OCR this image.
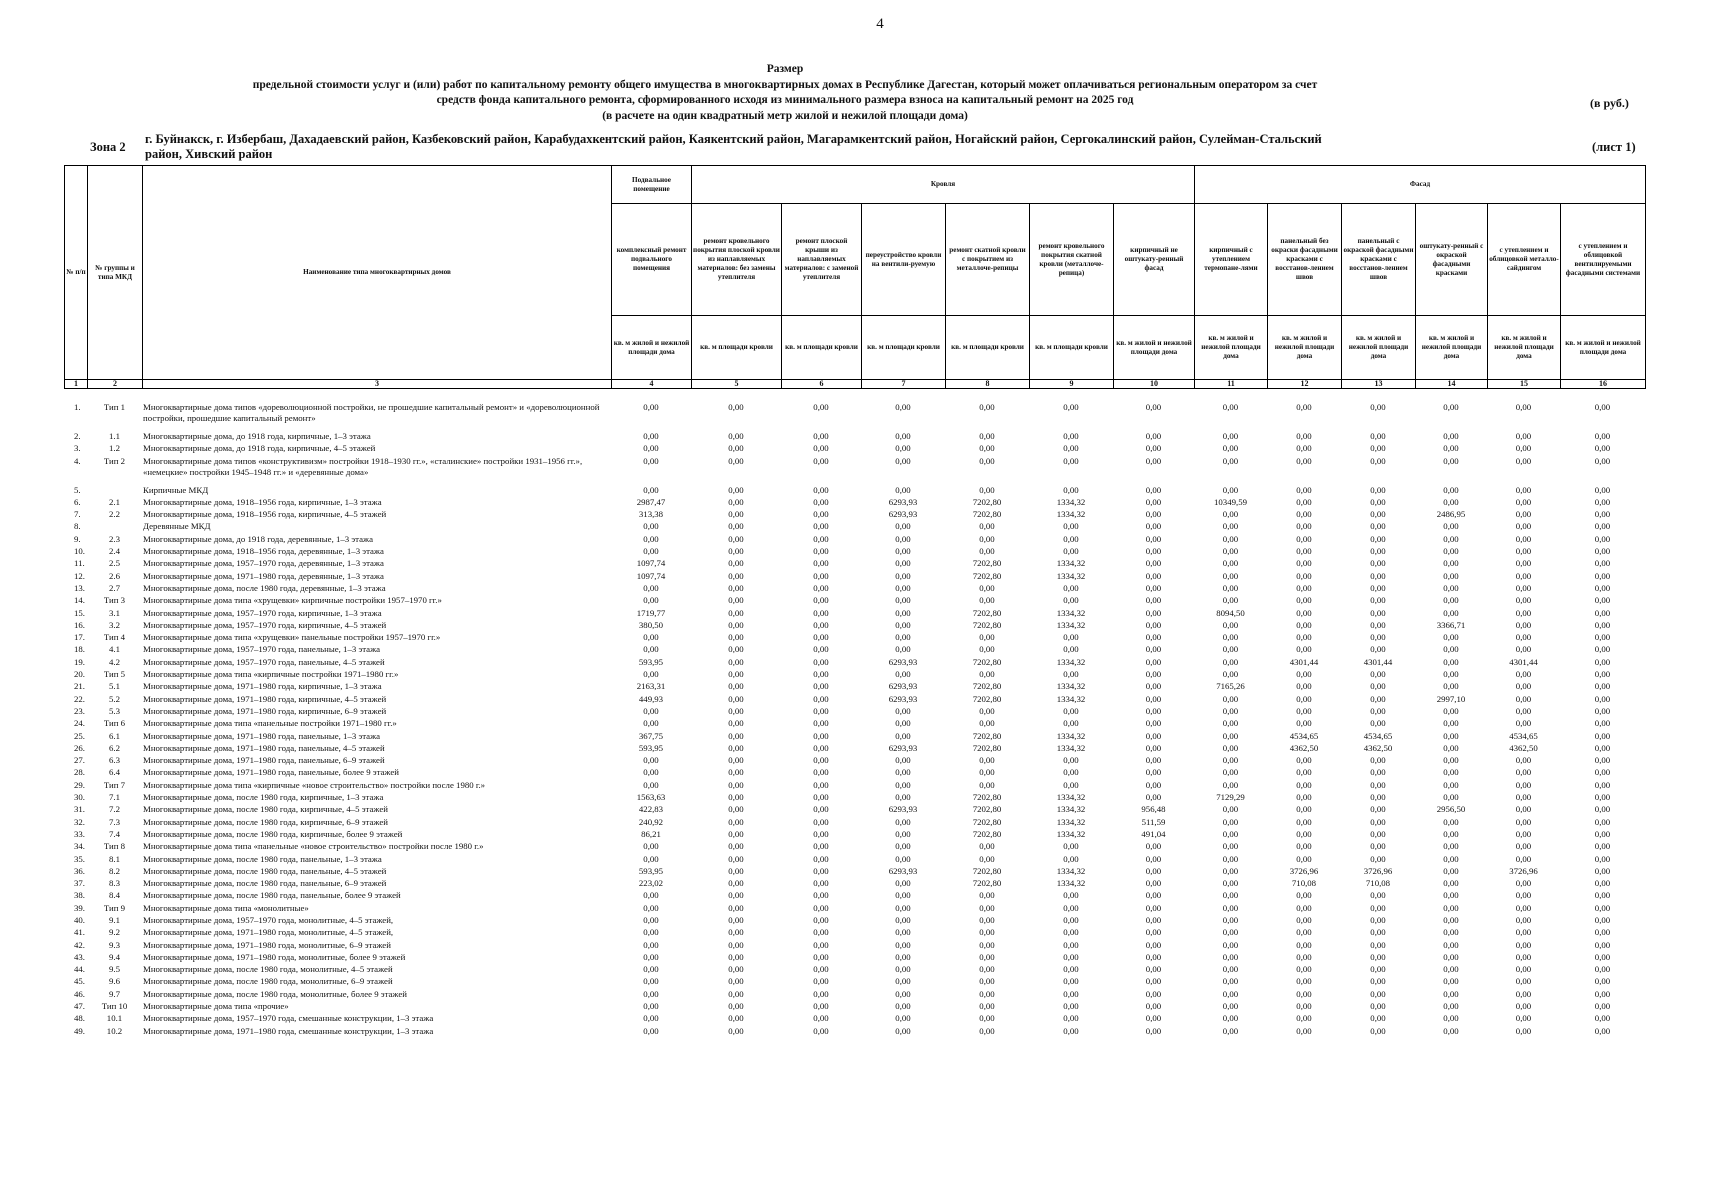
4
Размер
предельной стоимости услуг и (или) работ по капитальному ремонту общего имущества в многоквартирных домах в Республике Дагестан, который может оплачиваться региональным оператором за счет
средств фонда капитального ремонта, сформированного исходя из минимального размера взноса на капитальный ремонт на 2025 год
(в расчете на один квадратный метр жилой и нежилой площади дома)
(в руб.)
Зона 2
г. Буйнакск, г. Избербаш, Дахадаевский район, Казбековский район, Карабудахкентский район, Каякентский район, Магарамкентский район, Ногайский район, Сергокалинский район, Сулейман-Стальский район, Хивский район	(лист 1)
№ п/п	№ группы и типа МКД	Наименование типа многоквартирных домов	Подвальное помещение	Кровля						Фасад					
			комплексный ремонт подвального помещения	ремонт кровельного покрытия плоской кровли из наплавляемых материалов: без замены утеплителя	ремонт плоской крыши из наплавляемых материалов: с заменой утеплителя	переустройство кровли на вентили-руемую	ремонт скатной кровли с покрытием из металлоче-репицы	ремонт кровельного покрытия скатной кровли (металлоче-репица)	кирпичный не оштукату-ренный фасад	кирпичный с утеплением термопане-лями	панельный без окраски фасадными красками с восстанов-лением швов	панельный с окраской фасадными красками с восстанов-лением швов	оштукату-ренный с окраской фасадными красками	с утеплением и облицовкой металло-сайдингом	с утеплением и облицовкой вентилируемыми фасадными системами
			кв. м жилой и нежилой площади дома	кв. м площади кровли	кв. м площади кровли	кв. м площади кровли	кв. м площади кровли	кв. м площади кровли	кв. м жилой и нежилой площади дома	кв. м жилой и нежилой площади дома	кв. м жилой и нежилой площади дома	кв. м жилой и нежилой площади дома	кв. м жилой и нежилой площади дома	кв. м жилой и нежилой площади дома	кв. м жилой и нежилой площади дома
1	2	3	4	5	6	7	8	9	10	11	12	13	14	15	16
1.	Тип 1	Многоквартирные дома типов «дореволюционной постройки, не прошедшие капитальный ремонт» и «дореволюционной постройки, прошедшие капитальный ремонт»	0,00	0,00	0,00	0,00	0,00	0,00	0,00	0,00	0,00	0,00	0,00	0,00	0,00
2.	1.1	Многоквартирные дома, до 1918 года, кирпичные, 1–3 этажа	0,00	0,00	0,00	0,00	0,00	0,00	0,00	0,00	0,00	0,00	0,00	0,00	0,00
3.	1.2	Многоквартирные дома, до 1918 года, кирпичные, 4–5 этажей	0,00	0,00	0,00	0,00	0,00	0,00	0,00	0,00	0,00	0,00	0,00	0,00	0,00
4.	Тип 2	Многоквартирные дома типов «конструктивизм» постройки 1918–1930 гг.», «сталинские» постройки 1931–1956 гг.», «немецкие» постройки 1945–1948 гг.» и «деревянные дома»	0,00	0,00	0,00	0,00	0,00	0,00	0,00	0,00	0,00	0,00	0,00	0,00	0,00
5.		Кирпичные МКД	0,00	0,00	0,00	0,00	0,00	0,00	0,00	0,00	0,00	0,00	0,00	0,00	0,00
6.	2.1	Многоквартирные дома, 1918–1956 года, кирпичные, 1–3 этажа	2987,47	0,00	0,00	6293,93	7202,80	1334,32	0,00	10349,59	0,00	0,00	0,00	0,00	0,00
7.	2.2	Многоквартирные дома, 1918–1956 года, кирпичные, 4–5 этажей	313,38	0,00	0,00	6293,93	7202,80	1334,32	0,00	0,00	0,00	0,00	2486,95	0,00	0,00
8.		Деревянные МКД	0,00	0,00	0,00	0,00	0,00	0,00	0,00	0,00	0,00	0,00	0,00	0,00	0,00
9.	2.3	Многоквартирные дома, до 1918 года, деревянные, 1–3 этажа	0,00	0,00	0,00	0,00	0,00	0,00	0,00	0,00	0,00	0,00	0,00	0,00	0,00
10.	2.4	Многоквартирные дома, 1918–1956 года, деревянные, 1–3 этажа	0,00	0,00	0,00	0,00	0,00	0,00	0,00	0,00	0,00	0,00	0,00	0,00	0,00
11.	2.5	Многоквартирные дома, 1957–1970 года, деревянные, 1–3 этажа	1097,74	0,00	0,00	0,00	7202,80	1334,32	0,00	0,00	0,00	0,00	0,00	0,00	0,00
12.	2.6	Многоквартирные дома, 1971–1980 года, деревянные, 1–3 этажа	1097,74	0,00	0,00	0,00	7202,80	1334,32	0,00	0,00	0,00	0,00	0,00	0,00	0,00
13.	2.7	Многоквартирные дома, после 1980 года, деревянные, 1–3 этажа	0,00	0,00	0,00	0,00	0,00	0,00	0,00	0,00	0,00	0,00	0,00	0,00	0,00
14.	Тип 3	Многоквартирные дома типа «хрущевки» кирпичные постройки 1957–1970 гг.»	0,00	0,00	0,00	0,00	0,00	0,00	0,00	0,00	0,00	0,00	0,00	0,00	0,00
15.	3.1	Многоквартирные дома, 1957–1970 года, кирпичные, 1–3 этажа	1719,77	0,00	0,00	0,00	7202,80	1334,32	0,00	8094,50	0,00	0,00	0,00	0,00	0,00
16.	3.2	Многоквартирные дома, 1957–1970 года, кирпичные, 4–5 этажей	380,50	0,00	0,00	0,00	7202,80	1334,32	0,00	0,00	0,00	0,00	3366,71	0,00	0,00
17.	Тип 4	Многоквартирные дома типа «хрущевки» панельные постройки 1957–1970 гг.»	0,00	0,00	0,00	0,00	0,00	0,00	0,00	0,00	0,00	0,00	0,00	0,00	0,00
18.	4.1	Многоквартирные дома, 1957–1970 года, панельные, 1–3 этажа	0,00	0,00	0,00	0,00	0,00	0,00	0,00	0,00	0,00	0,00	0,00	0,00	0,00
19.	4.2	Многоквартирные дома, 1957–1970 года, панельные, 4–5 этажей	593,95	0,00	0,00	6293,93	7202,80	1334,32	0,00	0,00	4301,44	4301,44	0,00	4301,44	0,00
20.	Тип 5	Многоквартирные дома типа «кирпичные постройки 1971–1980 гг.»	0,00	0,00	0,00	0,00	0,00	0,00	0,00	0,00	0,00	0,00	0,00	0,00	0,00
21.	5.1	Многоквартирные дома, 1971–1980 года, кирпичные, 1–3 этажа	2163,31	0,00	0,00	6293,93	7202,80	1334,32	0,00	7165,26	0,00	0,00	0,00	0,00	0,00
22.	5.2	Многоквартирные дома, 1971–1980 года, кирпичные, 4–5 этажей	449,93	0,00	0,00	6293,93	7202,80	1334,32	0,00	0,00	0,00	0,00	2997,10	0,00	0,00
23.	5.3	Многоквартирные дома, 1971–1980 года, кирпичные, 6–9 этажей	0,00	0,00	0,00	0,00	0,00	0,00	0,00	0,00	0,00	0,00	0,00	0,00	0,00
24.	Тип 6	Многоквартирные дома типа «панельные постройки 1971–1980 гг.»	0,00	0,00	0,00	0,00	0,00	0,00	0,00	0,00	0,00	0,00	0,00	0,00	0,00
25.	6.1	Многоквартирные дома, 1971–1980 года, панельные, 1–3 этажа	367,75	0,00	0,00	0,00	7202,80	1334,32	0,00	0,00	4534,65	4534,65	0,00	4534,65	0,00
26.	6.2	Многоквартирные дома, 1971–1980 года, панельные, 4–5 этажей	593,95	0,00	0,00	6293,93	7202,80	1334,32	0,00	0,00	4362,50	4362,50	0,00	4362,50	0,00
27.	6.3	Многоквартирные дома, 1971–1980 года, панельные, 6–9 этажей	0,00	0,00	0,00	0,00	0,00	0,00	0,00	0,00	0,00	0,00	0,00	0,00	0,00
28.	6.4	Многоквартирные дома, 1971–1980 года, панельные, более 9 этажей	0,00	0,00	0,00	0,00	0,00	0,00	0,00	0,00	0,00	0,00	0,00	0,00	0,00
29.	Тип 7	Многоквартирные дома типа «кирпичные «новое строительство» постройки после 1980 г.»	0,00	0,00	0,00	0,00	0,00	0,00	0,00	0,00	0,00	0,00	0,00	0,00	0,00
30.	7.1	Многоквартирные дома, после 1980 года, кирпичные, 1–3 этажа	1563,63	0,00	0,00	0,00	7202,80	1334,32	0,00	7129,29	0,00	0,00	0,00	0,00	0,00
31.	7.2	Многоквартирные дома, после 1980 года, кирпичные, 4–5 этажей	422,83	0,00	0,00	6293,93	7202,80	1334,32	956,48	0,00	0,00	0,00	2956,50	0,00	0,00
32.	7.3	Многоквартирные дома, после 1980 года, кирпичные, 6–9 этажей	240,92	0,00	0,00	0,00	7202,80	1334,32	511,59	0,00	0,00	0,00	0,00	0,00	0,00
33.	7.4	Многоквартирные дома, после 1980 года, кирпичные, более 9 этажей	86,21	0,00	0,00	0,00	7202,80	1334,32	491,04	0,00	0,00	0,00	0,00	0,00	0,00
34.	Тип 8	Многоквартирные дома типа «панельные «новое строительство» постройки после 1980 г.»	0,00	0,00	0,00	0,00	0,00	0,00	0,00	0,00	0,00	0,00	0,00	0,00	0,00
35.	8.1	Многоквартирные дома, после 1980 года, панельные, 1–3 этажа	0,00	0,00	0,00	0,00	0,00	0,00	0,00	0,00	0,00	0,00	0,00	0,00	0,00
36.	8.2	Многоквартирные дома, после 1980 года, панельные, 4–5 этажей	593,95	0,00	0,00	6293,93	7202,80	1334,32	0,00	0,00	3726,96	3726,96	0,00	3726,96	0,00
37.	8.3	Многоквартирные дома, после 1980 года, панельные, 6–9 этажей	223,02	0,00	0,00	0,00	7202,80	1334,32	0,00	0,00	710,08	710,08	0,00	0,00	0,00
38.	8.4	Многоквартирные дома, после 1980 года, панельные, более 9 этажей	0,00	0,00	0,00	0,00	0,00	0,00	0,00	0,00	0,00	0,00	0,00	0,00	0,00
39.	Тип 9	Многоквартирные дома типа «монолитные»	0,00	0,00	0,00	0,00	0,00	0,00	0,00	0,00	0,00	0,00	0,00	0,00	0,00
40.	9.1	Многоквартирные дома, 1957–1970 года, монолитные, 4–5 этажей,	0,00	0,00	0,00	0,00	0,00	0,00	0,00	0,00	0,00	0,00	0,00	0,00	0,00
41.	9.2	Многоквартирные дома, 1971–1980 года, монолитные, 4–5 этажей,	0,00	0,00	0,00	0,00	0,00	0,00	0,00	0,00	0,00	0,00	0,00	0,00	0,00
42.	9.3	Многоквартирные дома, 1971–1980 года, монолитные, 6–9 этажей	0,00	0,00	0,00	0,00	0,00	0,00	0,00	0,00	0,00	0,00	0,00	0,00	0,00
43.	9.4	Многоквартирные дома, 1971–1980 года, монолитные, более 9 этажей	0,00	0,00	0,00	0,00	0,00	0,00	0,00	0,00	0,00	0,00	0,00	0,00	0,00
44.	9.5	Многоквартирные дома, после 1980 года, монолитные, 4–5 этажей	0,00	0,00	0,00	0,00	0,00	0,00	0,00	0,00	0,00	0,00	0,00	0,00	0,00
45.	9.6	Многоквартирные дома, после 1980 года, монолитные, 6–9 этажей	0,00	0,00	0,00	0,00	0,00	0,00	0,00	0,00	0,00	0,00	0,00	0,00	0,00
46.	9.7	Многоквартирные дома, после 1980 года, монолитные, более 9 этажей	0,00	0,00	0,00	0,00	0,00	0,00	0,00	0,00	0,00	0,00	0,00	0,00	0,00
47.	Тип 10	Многоквартирные дома типа «прочие»	0,00	0,00	0,00	0,00	0,00	0,00	0,00	0,00	0,00	0,00	0,00	0,00	0,00
48.	10.1	Многоквартирные дома, 1957–1970 года, смешанные конструкции, 1–3 этажа	0,00	0,00	0,00	0,00	0,00	0,00	0,00	0,00	0,00	0,00	0,00	0,00	0,00
49.	10.2	Многоквартирные дома, 1971–1980 года, смешанные конструкции, 1–3 этажа	0,00	0,00	0,00	0,00	0,00	0,00	0,00	0,00	0,00	0,00	0,00	0,00	0,00
